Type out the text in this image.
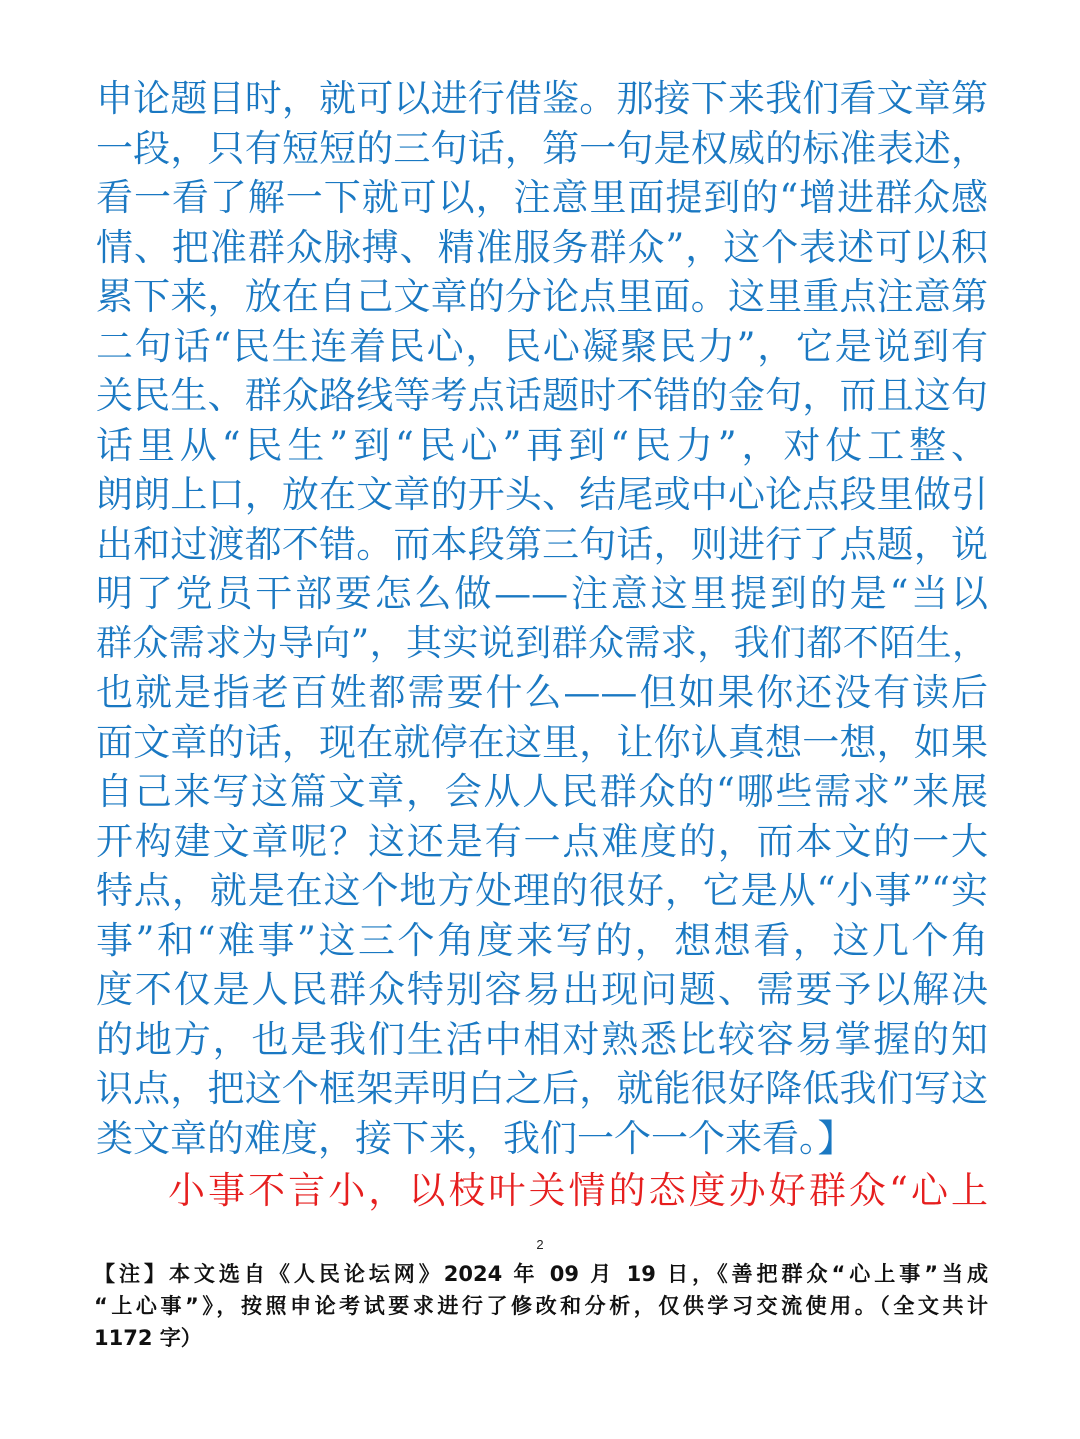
申论题目时，就可以进行借鉴。那接下来我们看文章第
一段，只有短短的三句话，第一句是权威的标准表述，
看一看了解一下就可以，注意里面提到的“增进群众感
情、把准群众脉搏、精准服务群众”，这个表述可以积
累下来，放在自己文章的分论点里面。这里重点注意第
二句话“民生连着民心，民心凝聚民力”，它是说到有
关民生、群众路线等考点话题时不错的金句，而且这句
话里从“民生”到“民心”再到“民力”，对仗工整、
朗朗上口，放在文章的开头、结尾或中心论点段里做引
出和过渡都不错。而本段第三句话，则进行了点题，说
明了党员干部要怎么做——注意这里提到的是“当以
群众需求为导向”，其实说到群众需求，我们都不陌生，
也就是指老百姓都需要什么——但如果你还没有读后
面文章的话，现在就停在这里，让你认真想一想，如果
自己来写这篇文章，会从人民群众的“哪些需求”来展
开构建文章呢？这还是有一点难度的，而本文的一大
特点，就是在这个地方处理的很好，它是从“小事”“实
事”和“难事”这三个角度来写的，想想看，这几个角
度不仅是人民群众特别容易出现问题、需要予以解决
的地方，也是我们生活中相对熟悉比较容易掌握的知
识点，把这个框架弄明白之后，就能很好降低我们写这
类文章的难度，接下来，我们一个一个来看。】
小事不言小，以枝叶关情的态度办好群众“心上
2
【注】本文选自《人民论坛网》2024 年 09 月 19 日，《善把群众“心上事”当成
“上心事”》，按照申论考试要求进行了修改和分析，仅供学习交流使用。（全文共计
1172 字）
